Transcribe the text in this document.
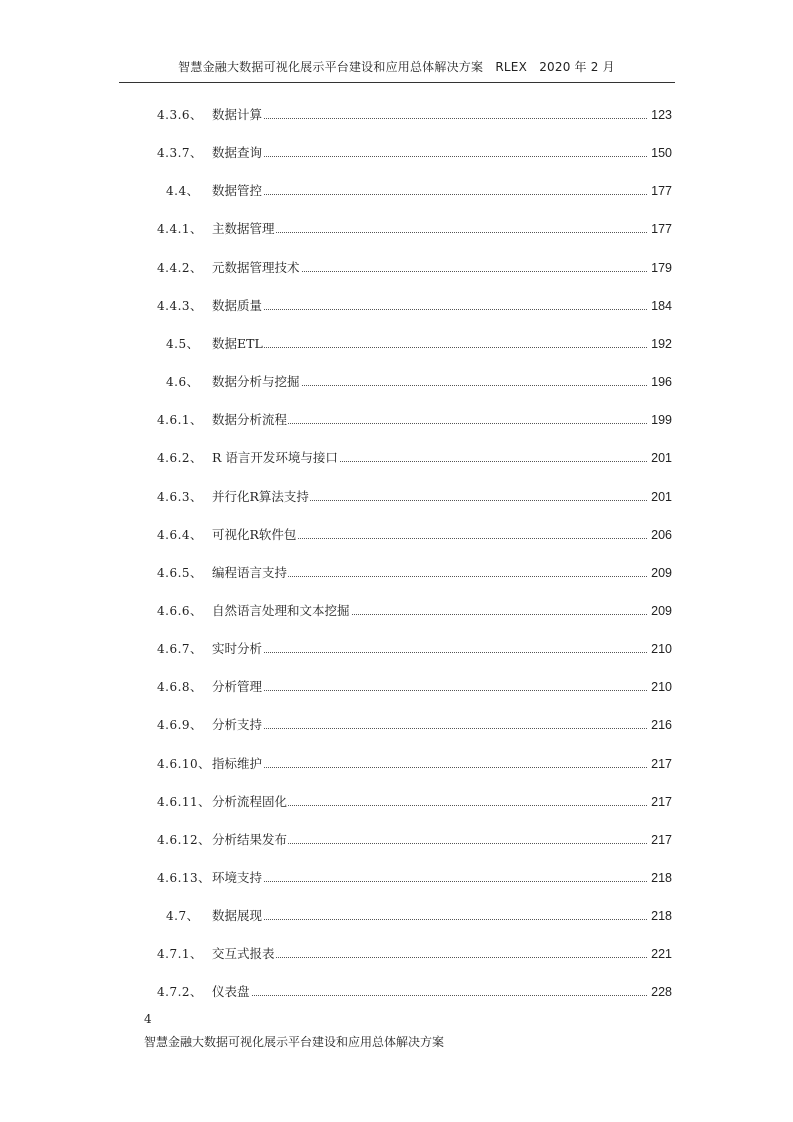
智慧金融大数据可视化展示平台建设和应用总体解决方案　RLEX　2020 年 2 月
4.3.6、 数据计算	123
4.3.7、 数据查询	150
4.4、 数据管控	177
4.4.1、 主数据管理	177
4.4.2、 元数据管理技术	179
4.4.3、 数据质量	184
4.5、 数据ETL	192
4.6、 数据分析与挖掘	196
4.6.1、 数据分析流程	199
4.6.2、 R 语言开发环境与接口	201
4.6.3、 并行化R算法支持	201
4.6.4、 可视化R软件包	206
4.6.5、 编程语言支持	209
4.6.6、 自然语言处理和文本挖掘	209
4.6.7、 实时分析	210
4.6.8、 分析管理	210
4.6.9、 分析支持	216
4.6.10、 指标维护	217
4.6.11、 分析流程固化	217
4.6.12、 分析结果发布	217
4.6.13、 环境支持	218
4.7、 数据展现	218
4.7.1、 交互式报表	221
4.7.2、 仪表盘	228
4
智慧金融大数据可视化展示平台建设和应用总体解决方案
